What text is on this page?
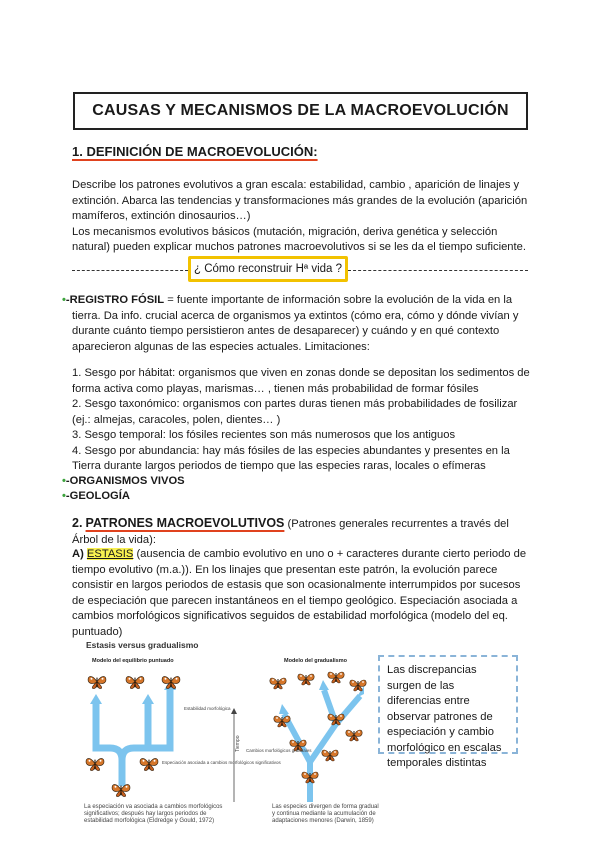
CAUSAS Y MECANISMOS DE LA MACROEVOLUCIÓN
1. DEFINICIÓN DE MACROEVOLUCIÓN:
Describe los patrones evolutivos a gran escala: estabilidad, cambio , aparición de linajes y
extinción. Abarca las tendencias y transformaciones más grandes de la evolución (aparición
mamíferos, extinción dinosaurios…)
Los mecanismos evolutivos básicos (mutación, migración, deriva genética y selección
natural) pueden explicar muchos patrones macroevolutivos si se les da el tiempo suficiente.
¿ Cómo reconstruir Hª vida ?
•-REGISTRO FÓSIL = fuente importante de información sobre la evolución de la vida en la
tierra. Da info. crucial acerca de organismos ya extintos (cómo era, cómo y dónde vivían y
durante cuánto tiempo persistieron antes de desaparecer) y cuándo y en qué contexto
aparecieron algunas de las especies actuales. Limitaciones:
1. Sesgo por hábitat: organismos que viven en zonas donde se depositan los sedimentos de
forma activa como playas, marismas… , tienen más probabilidad de formar fósiles
2. Sesgo taxonómico: organismos con partes duras tienen más probabilidades de fosilizar
(ej.: almejas, caracoles, polen, dientes… )
3. Sesgo temporal: los fósiles recientes son más numerosos que los antiguos
4. Sesgo por abundancia: hay más fósiles de las especies abundantes y presentes en la
Tierra durante largos periodos de tiempo que las especies raras, locales o efímeras
•-ORGANISMOS VIVOS
•-GEOLOGÍA
2. PATRONES MACROEVOLUTIVOS (Patrones generales recurrentes a través del
Árbol de la vida):
A) ESTASIS (ausencia de cambio evolutivo en uno o + caracteres durante cierto periodo de
tiempo evolutivo (m.a.)). En los linajes que presentan este patrón, la evolución parece
consistir en largos periodos de estasis que son ocasionalmente interrumpidos por sucesos
de especiación que parecen instantáneos en el tiempo geológico. Especiación asociada a
cambios morfológicos significativos seguidos de estabilidad morfológica (modelo del eq.
puntuado)
Estasis versus gradualismo
Modelo del equilibrio puntuado	Modelo del gradualismo
Estabilidad morfológica
Especiación asociada a cambios morfológicos significativos
Tiempo Cambios morfológicos graduales
La especiación va asociada a cambios morfológicos significativos; después hay largos periodos de estabilidad morfológica (Eldredge y Gould, 1972)
Las especies divergen de forma gradual y continua mediante la acumulación de adaptaciones menores (Darwin, 1859)
Las discrepancias surgen de las diferencias entre observar patrones de especiación y cambio morfológico en escalas temporales distintas
